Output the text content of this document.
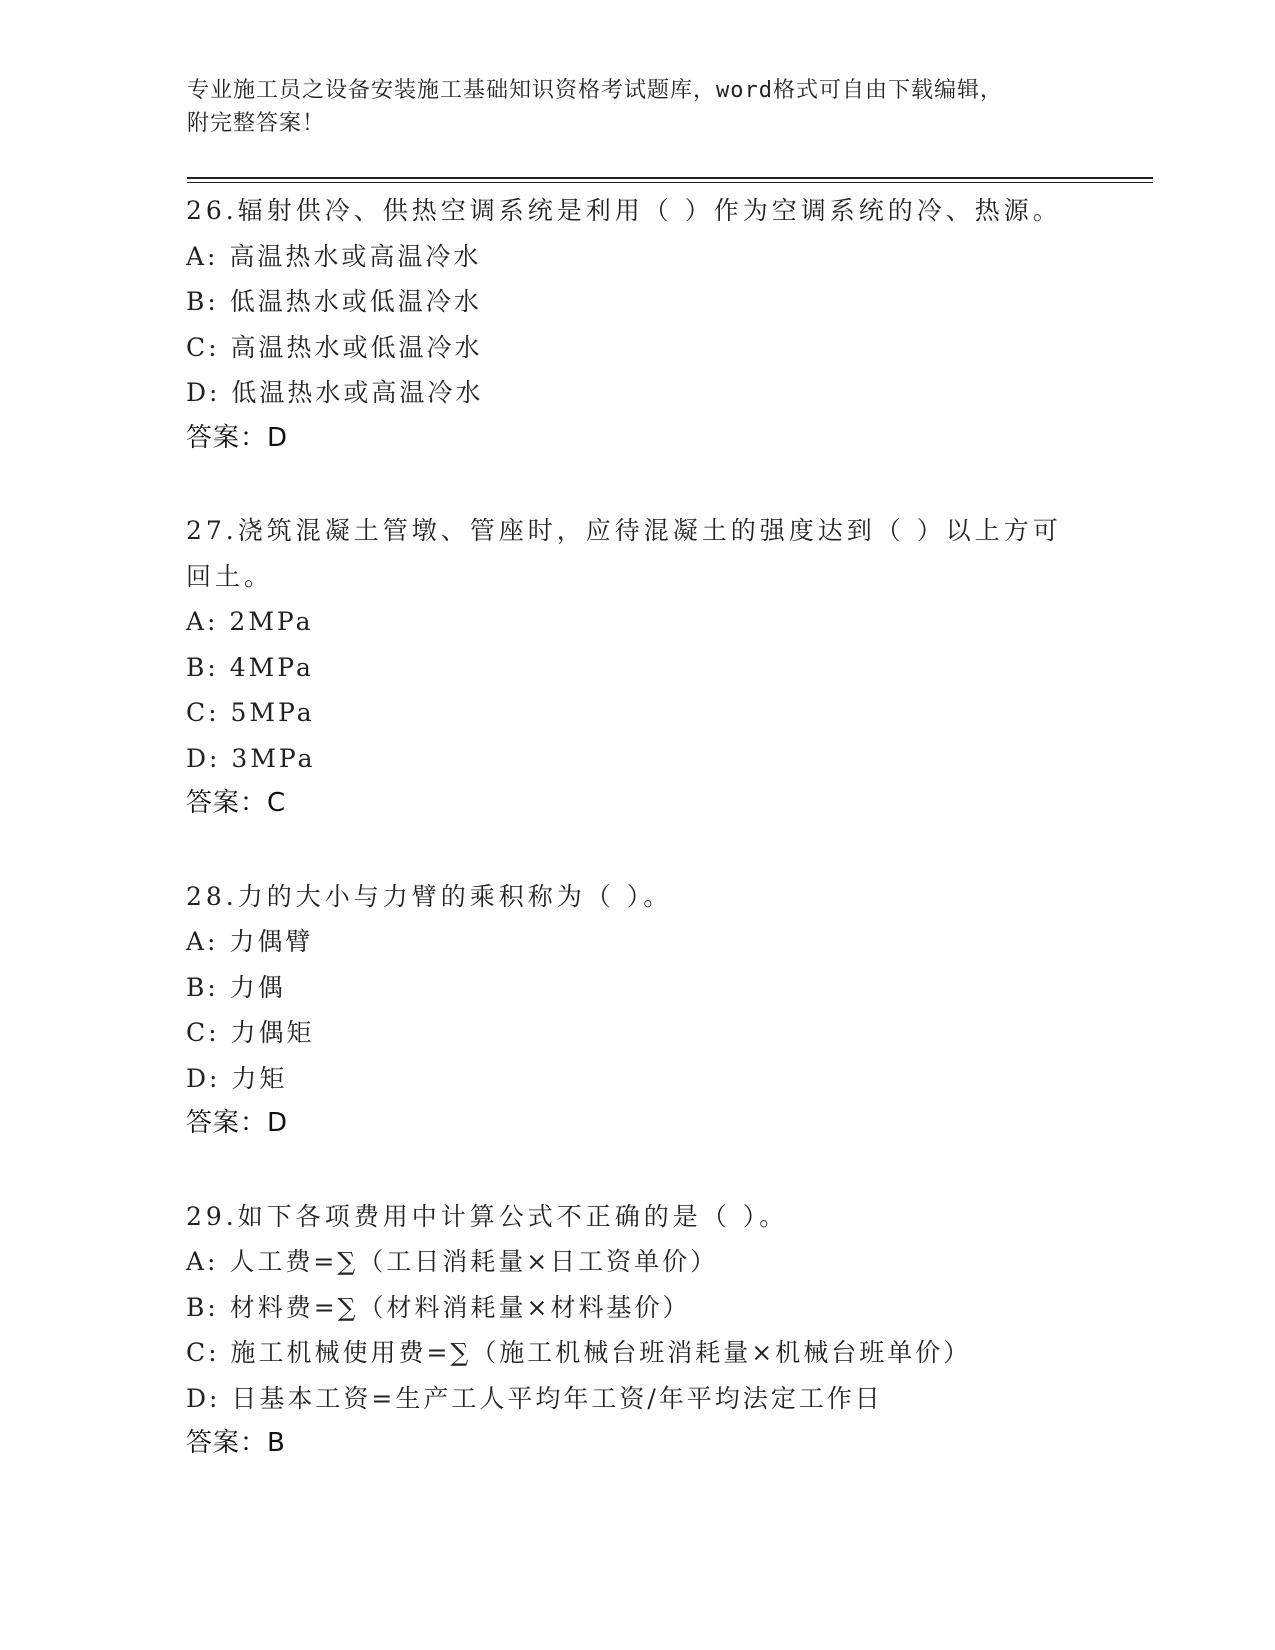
专业施工员之设备安装施工基础知识资格考试题库，word格式可自由下载编辑，
附完整答案！
26.辐射供冷、供热空调系统是利用（ ）作为空调系统的冷、热源。
A: 高温热水或高温冷水
B: 低温热水或低温冷水
C: 高温热水或低温冷水
D: 低温热水或高温冷水
答案：D
27.浇筑混凝土管墩、管座时，应待混凝土的强度达到（ ）以上方可
回土。
A: 2MPa
B: 4MPa
C: 5MPa
D: 3MPa
答案：C
28.力的大小与力臂的乘积称为（ ）。
A: 力偶臂
B: 力偶
C: 力偶矩
D: 力矩
答案：D
29.如下各项费用中计算公式不正确的是（ ）。
A: 人工费=∑（工日消耗量×日工资单价）
B: 材料费=∑（材料消耗量×材料基价）
C: 施工机械使用费=∑（施工机械台班消耗量×机械台班单价）
D: 日基本工资=生产工人平均年工资/年平均法定工作日
答案：B
